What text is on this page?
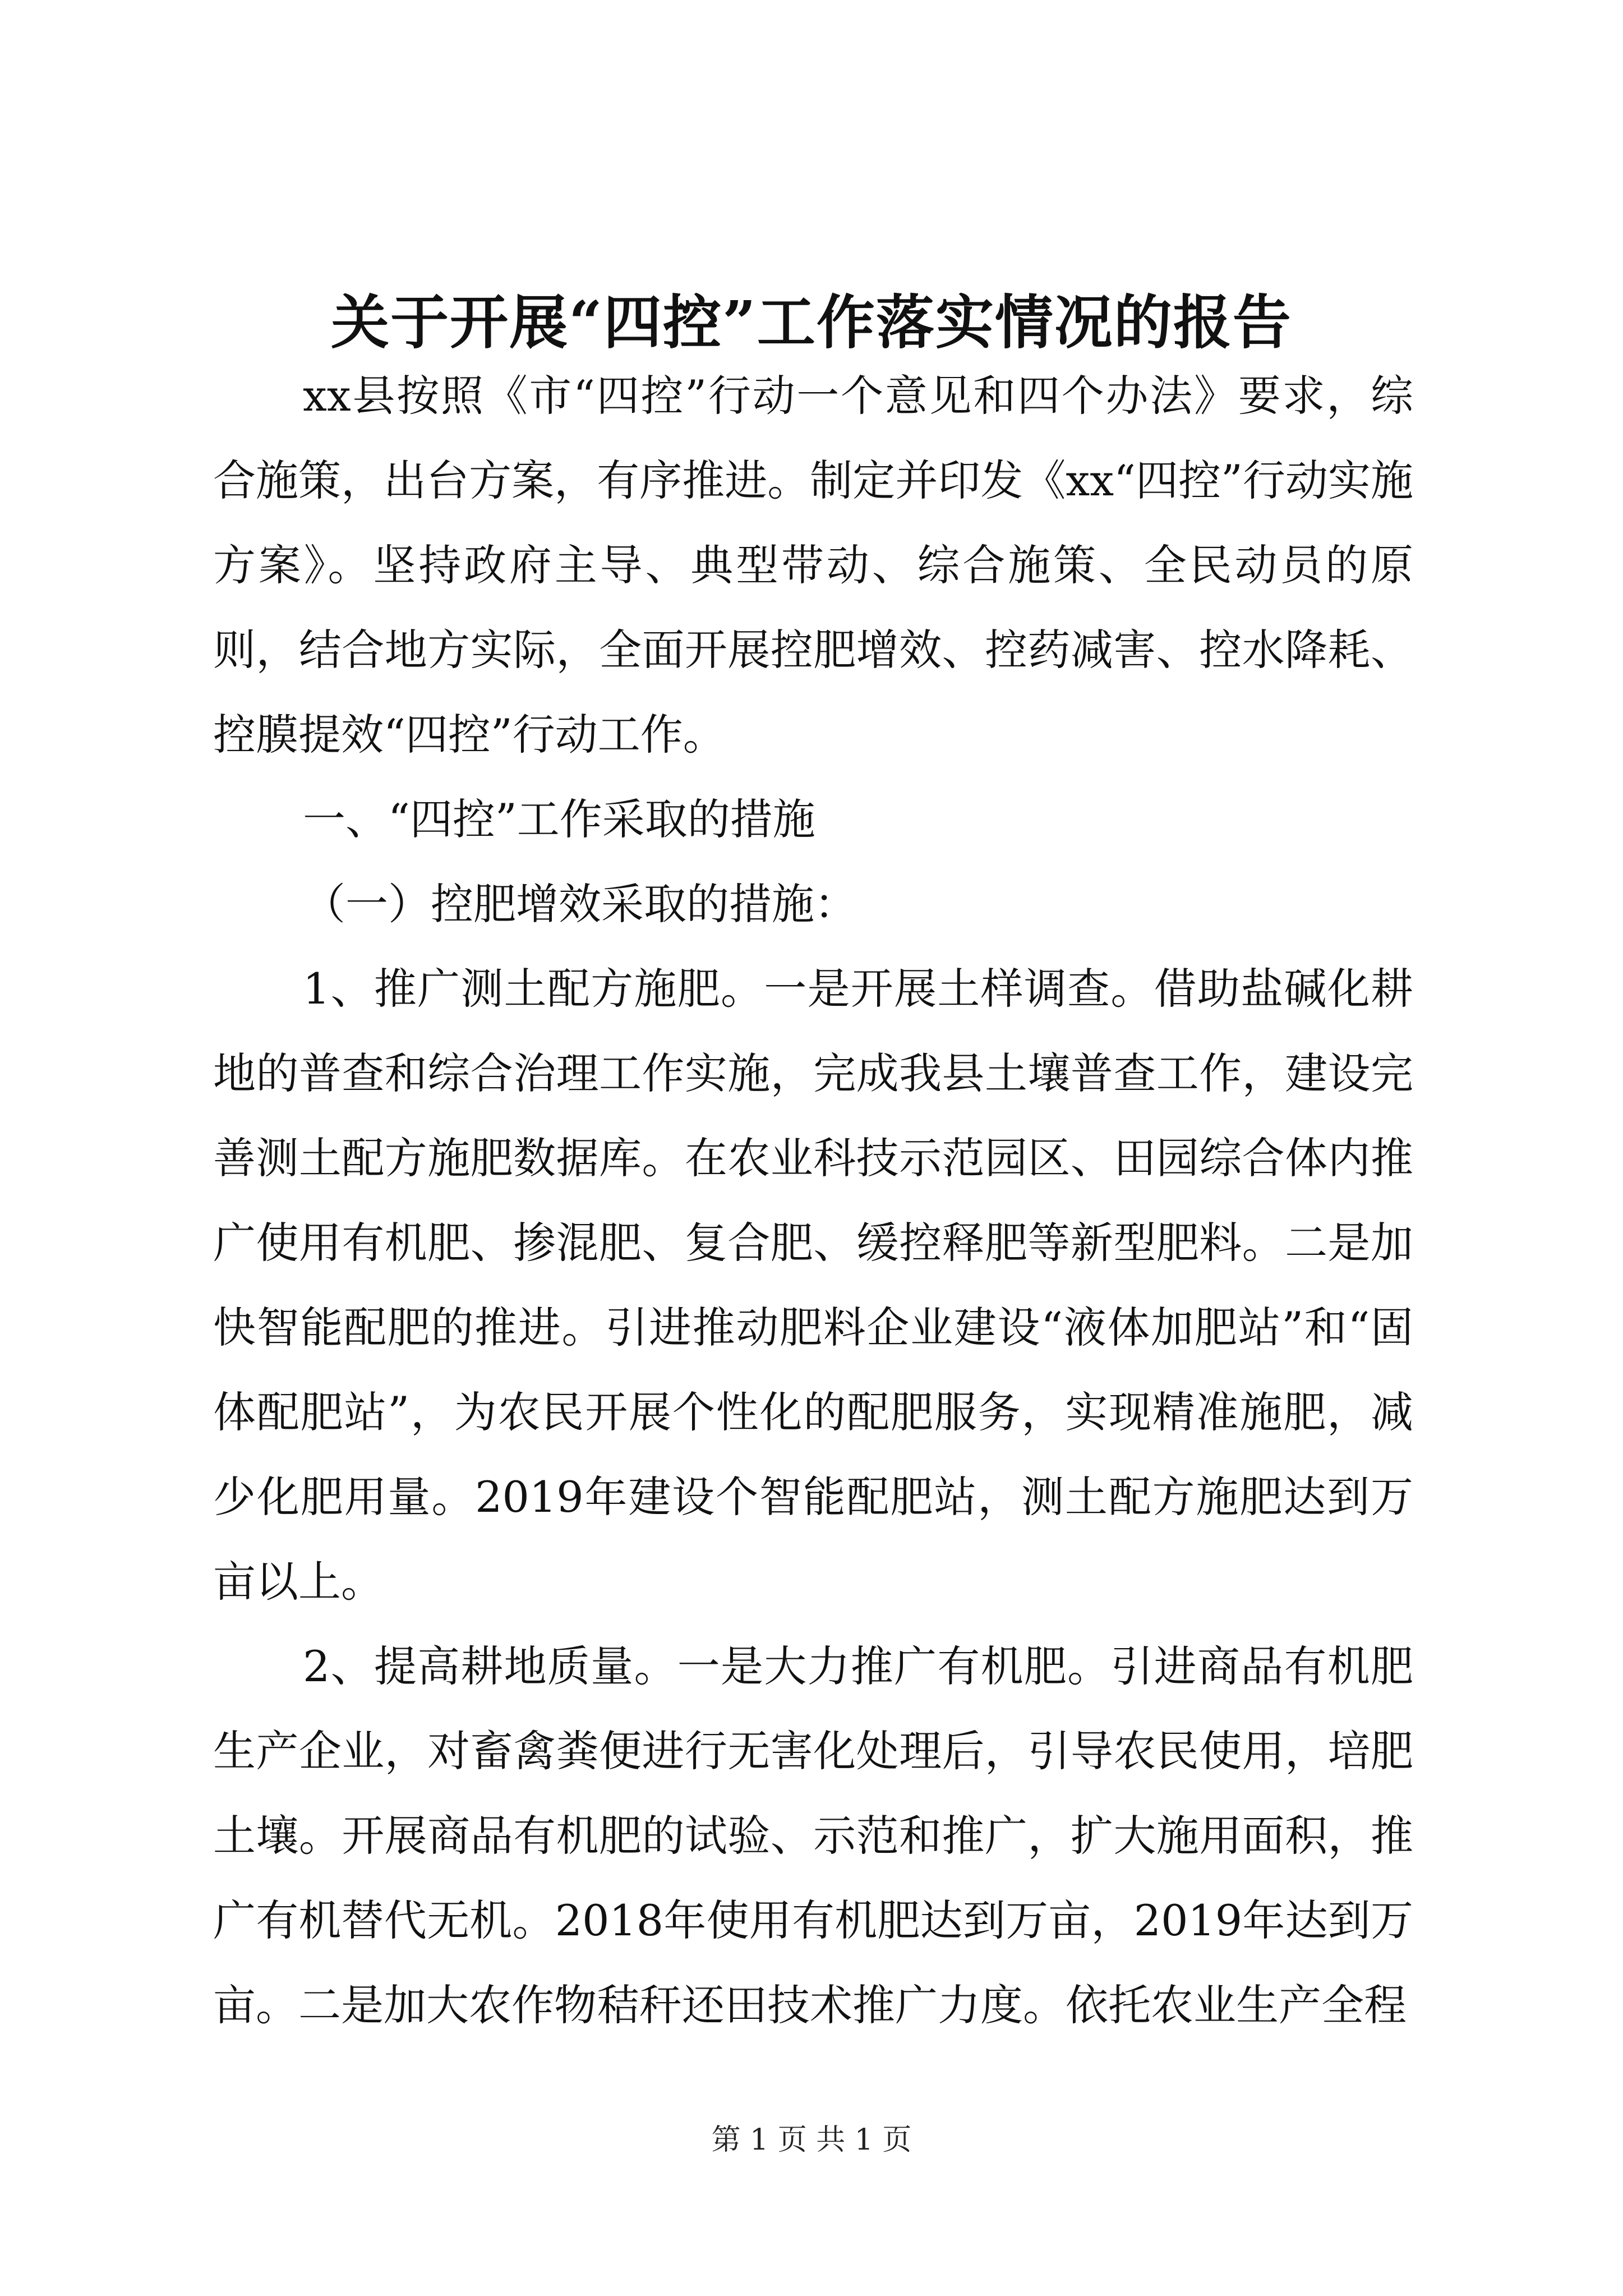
关于开展“四控”工作落实情况的报告

xx县按照《市“四控”行动一个意见和四个办法》要求，综合施策，出台方案，有序推进。制定并印发《xx“四控”行动实施方案》。坚持政府主导、典型带动、综合施策、全民动员的原则，结合地方实际，全面开展控肥增效、控药减害、控水降耗、控膜提效“四控”行动工作。

一、“四控”工作采取的措施

（一）控肥增效采取的措施：

1、推广测土配方施肥。一是开展土样调查。借助盐碱化耕地的普查和综合治理工作实施，完成我县土壤普查工作，建设完善测土配方施肥数据库。在农业科技示范园区、田园综合体内推广使用有机肥、掺混肥、复合肥、缓控释肥等新型肥料。二是加快智能配肥的推进。引进推动肥料企业建设“液体加肥站”和“固体配肥站”，为农民开展个性化的配肥服务，实现精准施肥，减少化肥用量。2019年建设个智能配肥站，测土配方施肥达到万亩以上。

2、提高耕地质量。一是大力推广有机肥。引进商品有机肥生产企业，对畜禽粪便进行无害化处理后，引导农民使用，培肥土壤。开展商品有机肥的试验、示范和推广，扩大施用面积，推广有机替代无机。2018年使用有机肥达到万亩，2019年达到万亩。二是加大农作物秸秆还田技术推广力度。依托农业生产全程

第 1 页 共 1 页
